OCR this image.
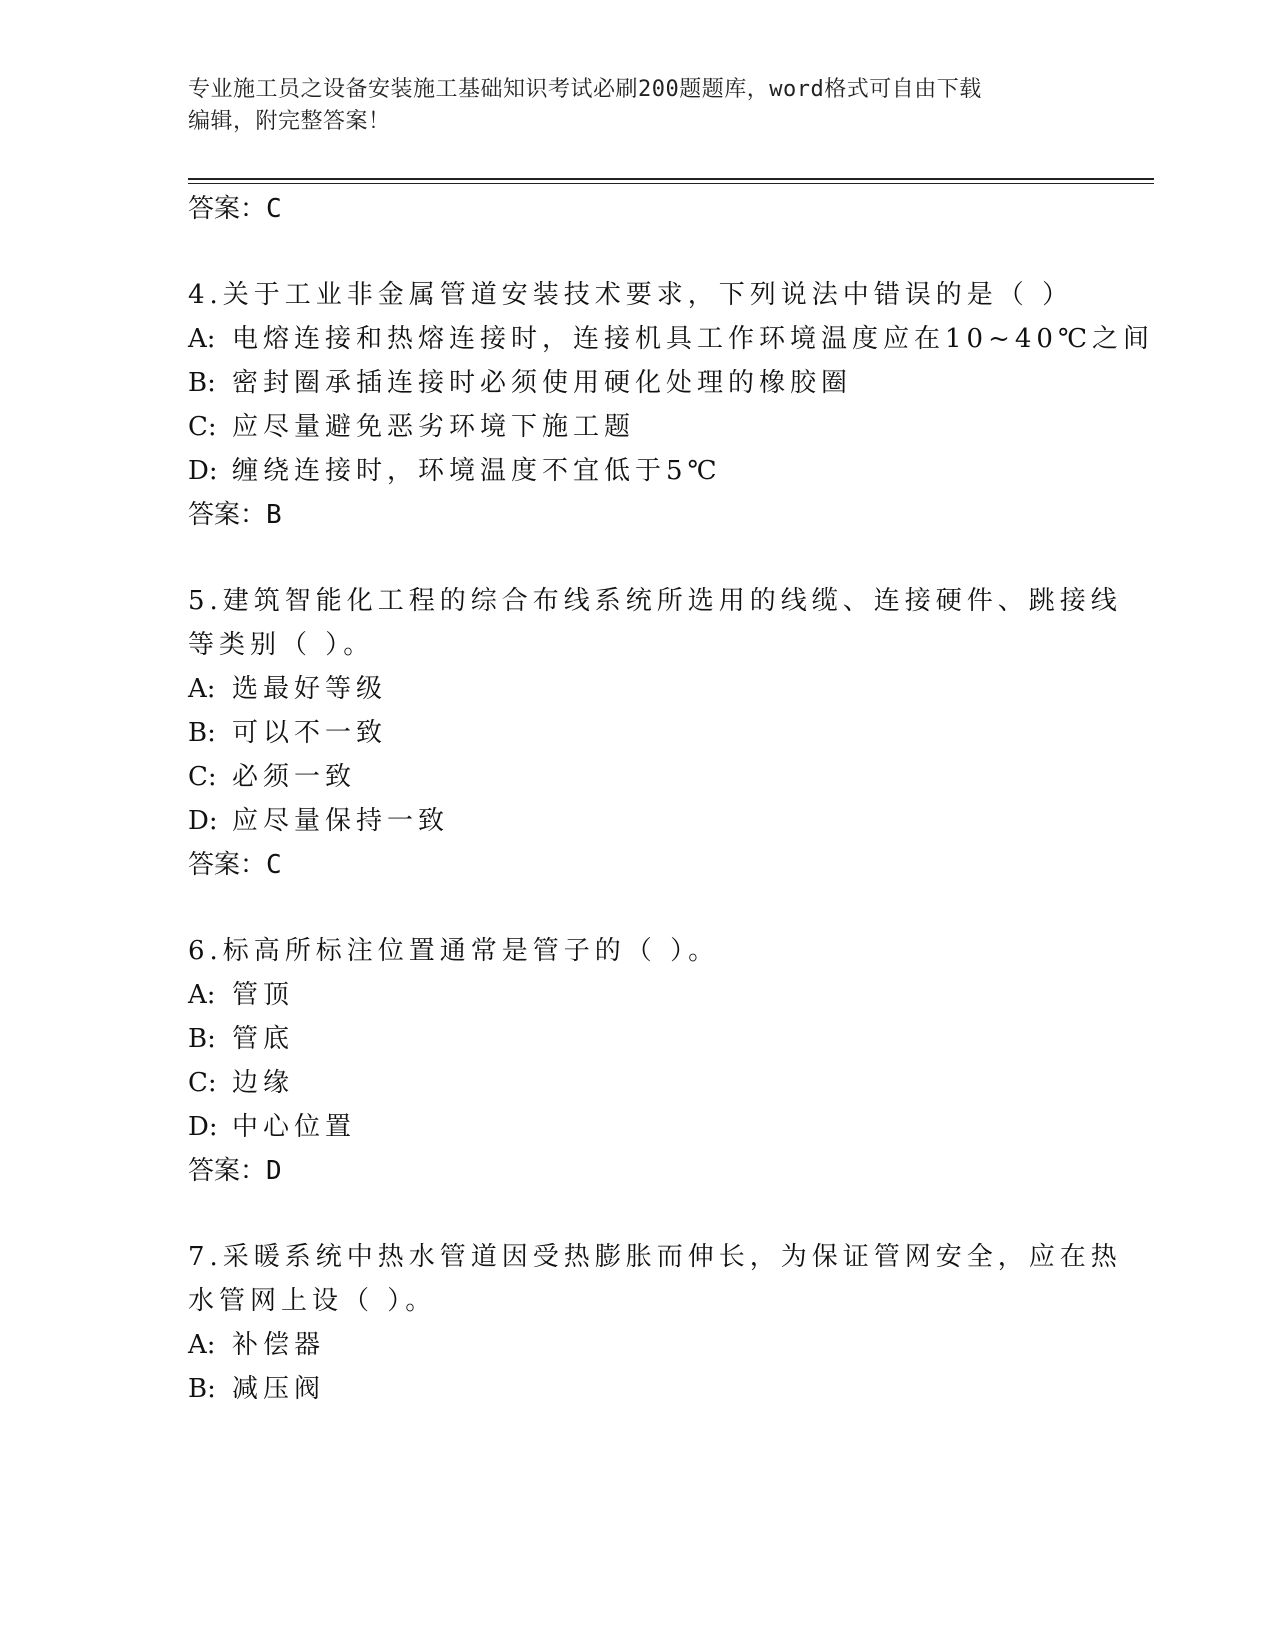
专业施工员之设备安装施工基础知识考试必刷200题题库，word格式可自由下载
编辑，附完整答案！
答案：C
4.关于工业非金属管道安装技术要求，下列说法中错误的是（ ）
A: 电熔连接和热熔连接时，连接机具工作环境温度应在10~40℃之间
B: 密封圈承插连接时必须使用硬化处理的橡胶圈
C: 应尽量避免恶劣环境下施工题
D: 缠绕连接时，环境温度不宜低于5℃
答案：B
5.建筑智能化工程的综合布线系统所选用的线缆、连接硬件、跳接线
等类别（ ）。
A: 选最好等级
B: 可以不一致
C: 必须一致
D: 应尽量保持一致
答案：C
6.标高所标注位置通常是管子的（ ）。
A: 管顶
B: 管底
C: 边缘
D: 中心位置
答案：D
7.采暖系统中热水管道因受热膨胀而伸长，为保证管网安全，应在热
水管网上设（ ）。
A: 补偿器
B: 减压阀
